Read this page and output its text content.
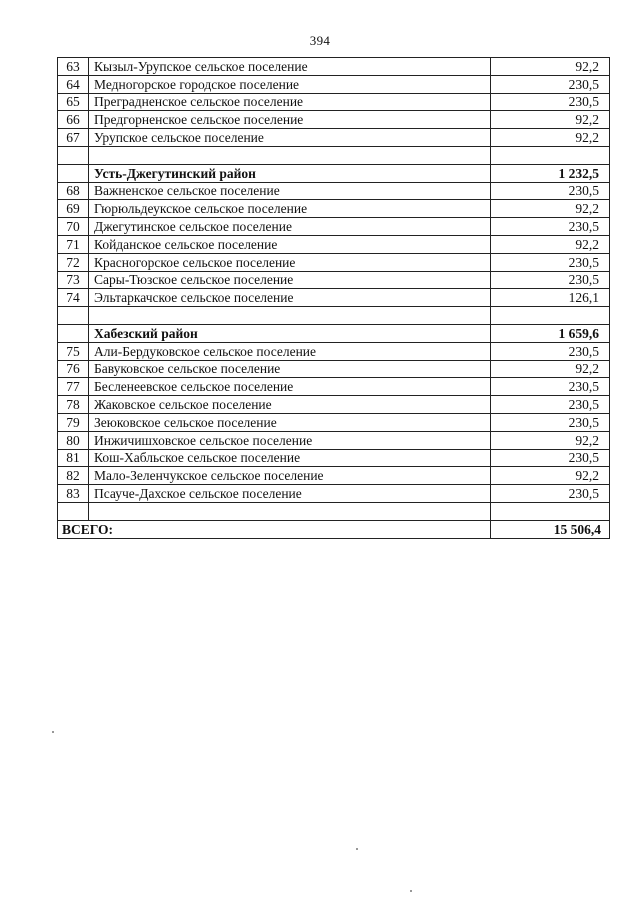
394
63	Кызыл-Урупское сельское поселение	92,2
64	Медногорское городское поселение	230,5
65	Преградненское сельское поселение	230,5
66	Предгорненское сельское поселение	92,2
67	Урупское сельское поселение	92,2

	Усть-Джегутинский район	1 232,5
68	Важненское сельское поселение	230,5
69	Гюрюльдеукское сельское поселение	92,2
70	Джегутинское сельское поселение	230,5
71	Койданское сельское поселение	92,2
72	Красногорское сельское поселение	230,5
73	Сары-Тюзское сельское поселение	230,5
74	Эльтаркачское сельское поселение	126,1

	Хабезский район	1 659,6
75	Али-Бердуковское сельское поселение	230,5
76	Бавуковское сельское поселение	92,2
77	Бесленеевское сельское поселение	230,5
78	Жаковское сельское поселение	230,5
79	Зеюковское сельское поселение	230,5
80	Инжичишховское сельское поселение	92,2
81	Кош-Хабльское сельское поселение	230,5
82	Мало-Зеленчукское сельское поселение	92,2
83	Псауче-Дахское сельское поселение	230,5

ВСЕГО:		15 506,4
